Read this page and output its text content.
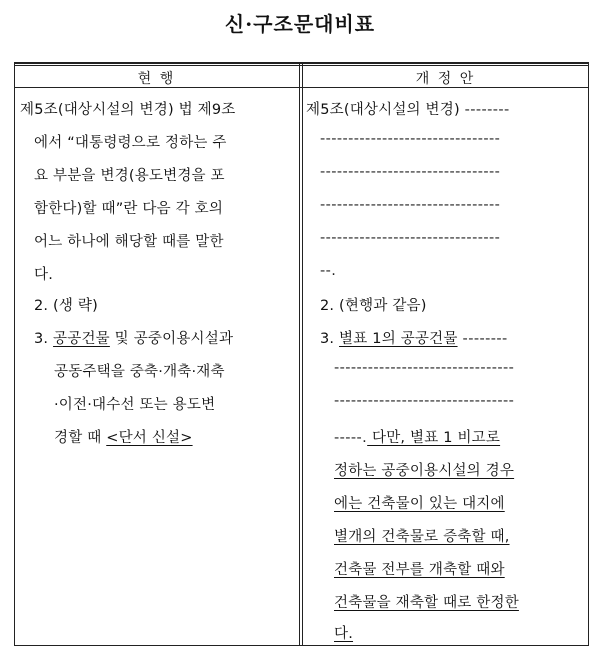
신·구조문대비표
현 행	개 정 안
제5조(대상시설의 변경) 법 제9조
에서 “대통령령으로 정하는 주
요 부분을 변경(용도변경을 포
함한다)할 때”란 다음 각 호의
어느 하나에 해당할 때를 말한
다.
2. (생 략)
3. 공공건물 및 공중이용시설과
공동주택을 중축·개축·재축
·이전·대수선 또는 용도변
경할 때 <단서 신설>
제5조(대상시설의 변경) --------
--------------------------------
--------------------------------
--------------------------------
--------------------------------
--.
2. (현행과 같음)
3. 별표 1의 공공건물 --------
--------------------------------
--------------------------------
-----. 다만, 별표 1 비고로
정하는 공중이용시설의 경우
에는 건축물이 있는 대지에
별개의 건축물로 증축할 때,
건축물 전부를 개축할 때와
건축물을 재축할 때로 한정한
다.
